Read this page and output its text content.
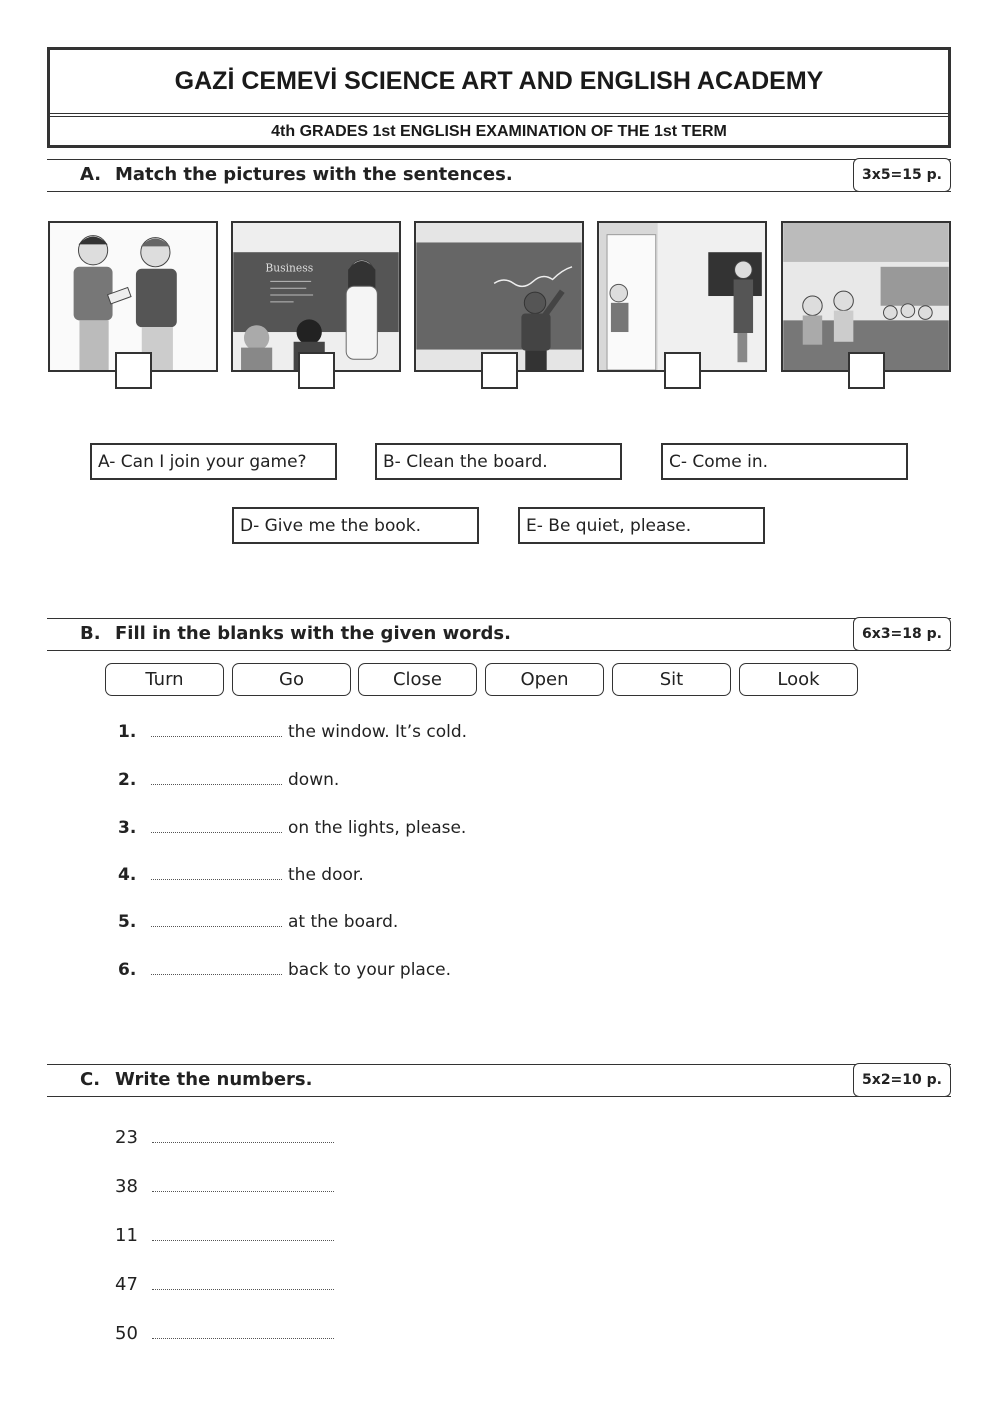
GAZİ CEMEVİ SCIENCE ART AND ENGLISH ACADEMY
4th GRADES 1st ENGLISH EXAMINATION OF THE 1st TERM
A. Match the pictures with the sentences.	3x5=15 p.
Business
A- Can I join your game?	B- Clean the board.	C- Come in.
D- Give me the book.	E- Be quiet, please.
B. Fill in the blanks with the given words.	6x3=18 p.
Turn	Go	Close	Open	Sit	Look
1.	the window. It’s cold.
2.	down.
3.	on the lights, please.
4.	the door.
5.	at the board.
6.	back to your place.
C. Write the numbers.	5x2=10 p.
23
38
11
47
50
